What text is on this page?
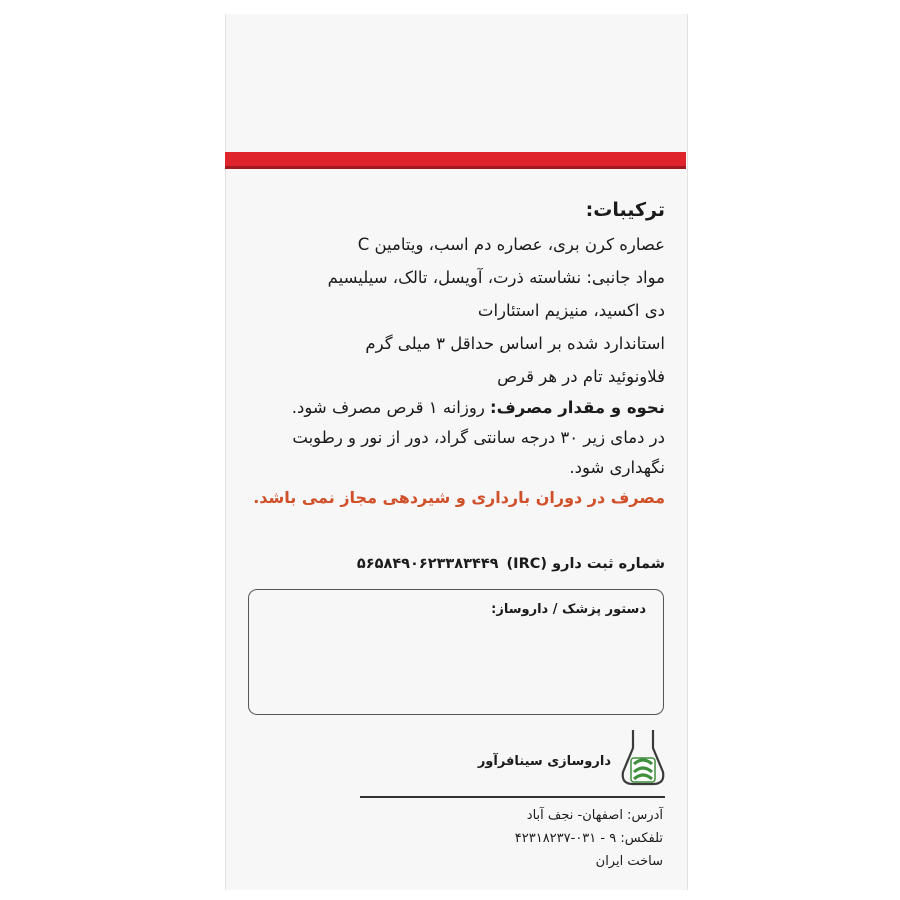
ترکیبات:
عصاره کرن بری، عصاره دم اسب، ویتامین C
مواد جانبی: نشاسته ذرت، آویسل، تالک، سیلیسیم
دی اکسید، منیزیم استئارات
استاندارد شده بر اساس حداقل ۳ میلی گرم
فلاونوئید تام در هر قرص
نحوه و مقدار مصرف: روزانه ۱ قرص مصرف شود.
در دمای زیر ۳۰ درجه سانتی گراد، دور از نور و رطوبت
نگهداری شود.
مصرف در دوران بارداری و شیردهی مجاز نمی باشد.
شماره ثبت دارو (IRC)۵۶۵۸۴۹۰۶۲۳۳۸۳۴۴۹
دستور پزشک / داروساز:
داروسازی سینافرآور
آدرس: اصفهان- نجف آباد
تلفکس: ۹ - ۰۳۱-۴۲۳۱۸۲۳۷
ساخت ایران
